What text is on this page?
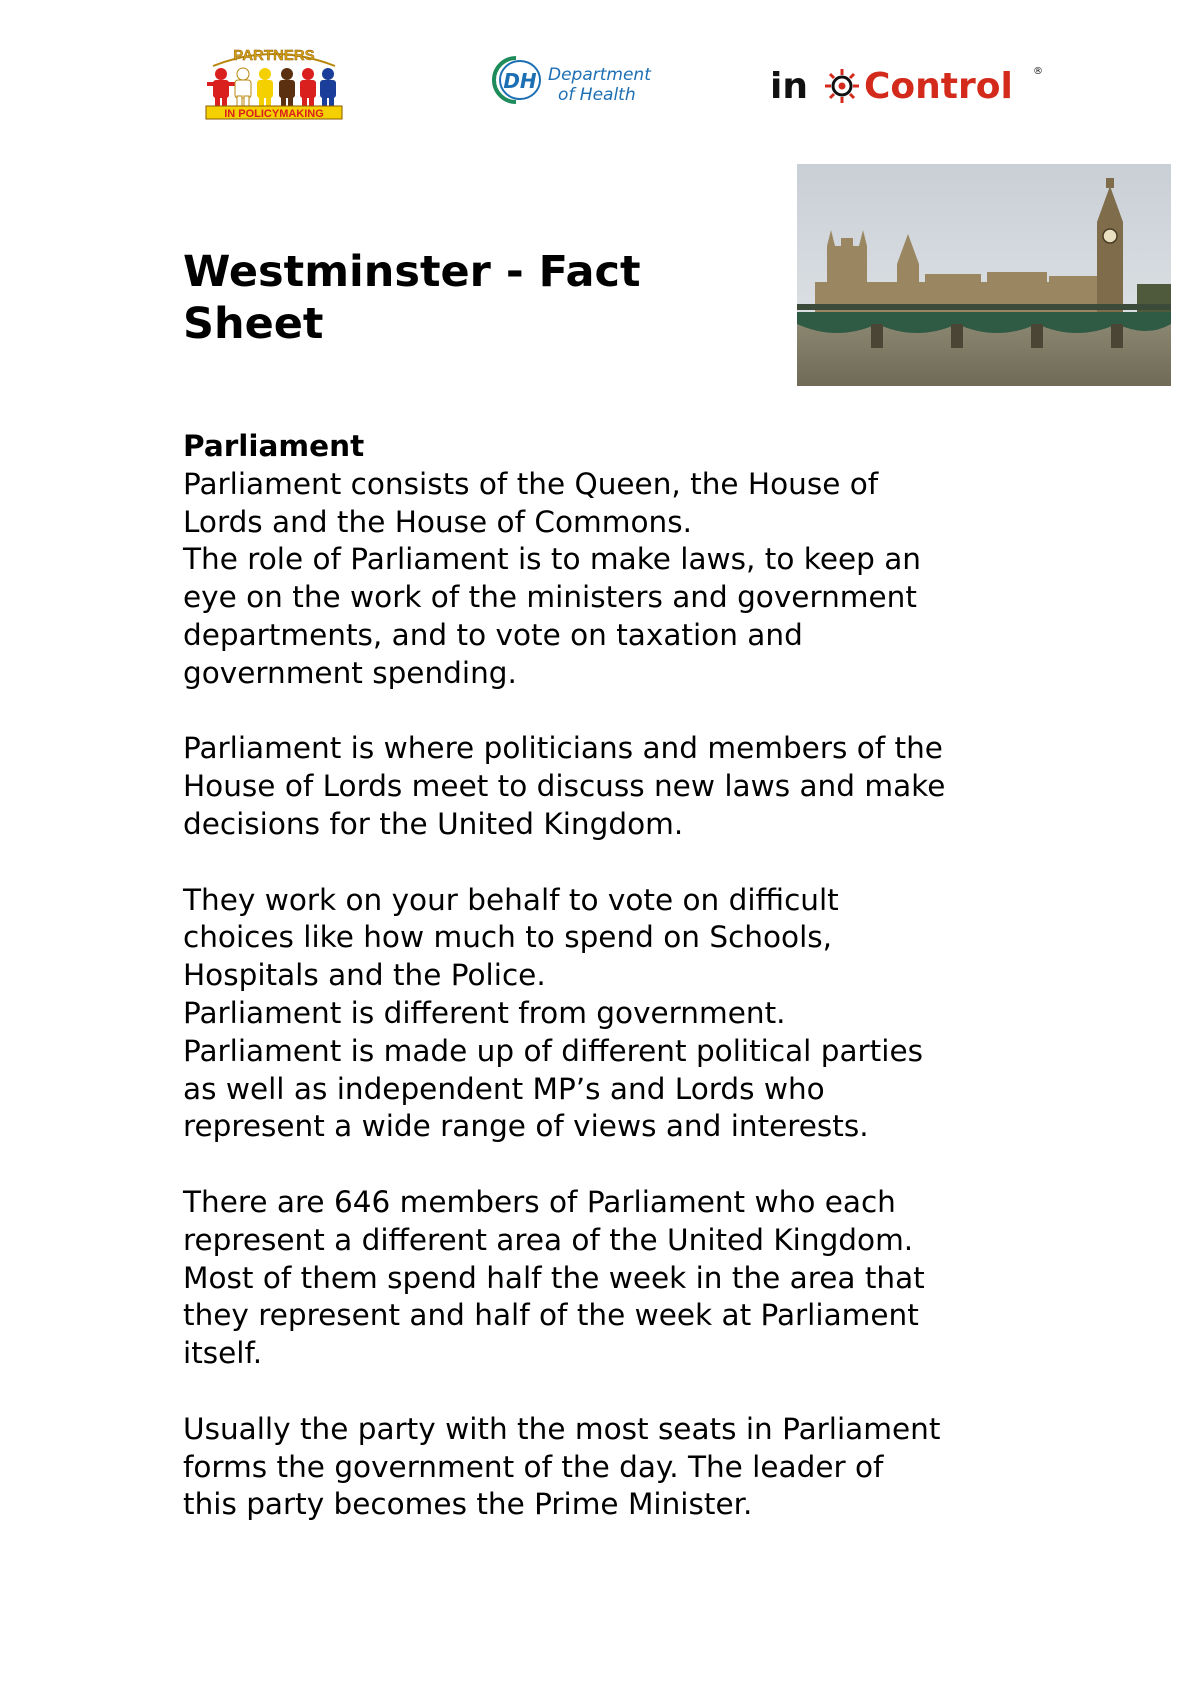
PARTNERS
IN POLICYMAKING
DH Department
of Health	in Control ®
Westminster - Fact
Sheet

Parliament
Parliament consists of the Queen, the House of
Lords and the House of Commons.
The role of Parliament is to make laws, to keep an
eye on the work of the ministers and government
departments, and to vote on taxation and
government spending.

Parliament is where politicians and members of the
House of Lords meet to discuss new laws and make
decisions for the United Kingdom.

They work on your behalf to vote on difficult
choices like how much to spend on Schools,
Hospitals and the Police.
Parliament is different from government.
Parliament is made up of different political parties
as well as independent MP’s and Lords who
represent a wide range of views and interests.

There are 646 members of Parliament who each
represent a different area of the United Kingdom.
Most of them spend half the week in the area that
they represent and half of the week at Parliament
itself.

Usually the party with the most seats in Parliament
forms the government of the day. The leader of
this party becomes the Prime Minister.
